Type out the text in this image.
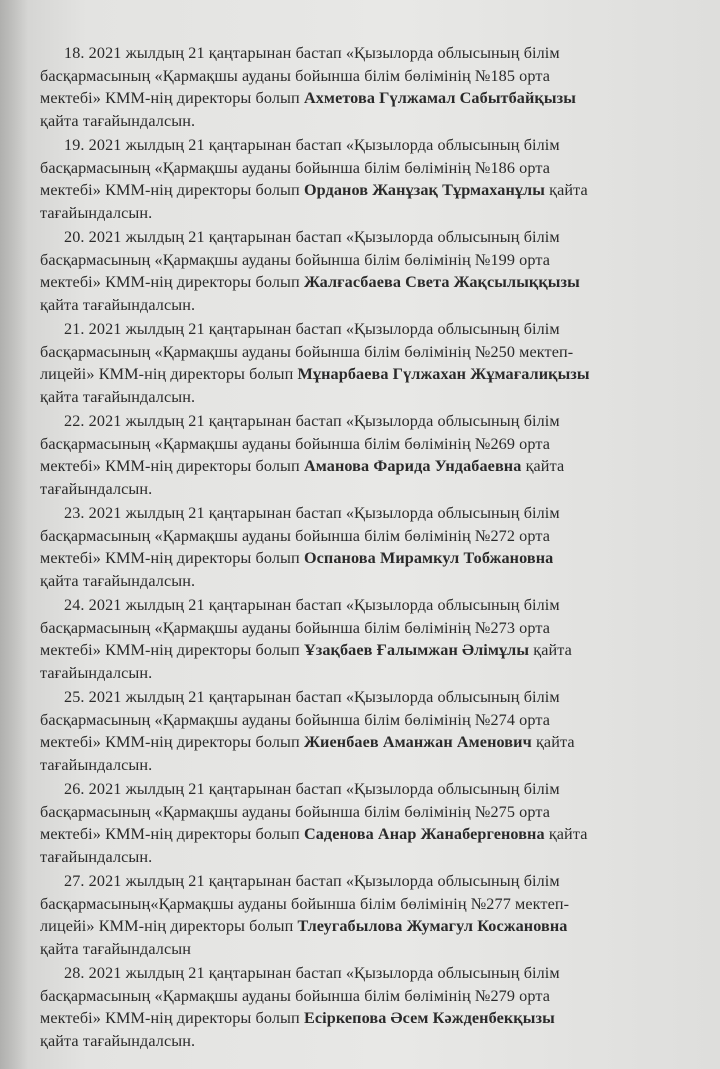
18. 2021 жылдың 21 қаңтарынан бастап «Қызылорда облысының білім
басқармасының «Қармақшы ауданы бойынша білім бөлімінің №185 орта
мектебі» КММ-нің директоры болып Ахметова Гүлжамал Сабытбайқызы
қайта тағайындалсын.
19. 2021 жылдың 21 қаңтарынан бастап «Қызылорда облысының білім
басқармасының «Қармақшы ауданы бойынша білім бөлімінің №186 орта
мектебі» КММ-нің директоры болып Орданов Жанұзақ Тұрмаханұлы қайта
тағайындалсын.
20. 2021 жылдың 21 қаңтарынан бастап «Қызылорда облысының білім
басқармасының «Қармақшы ауданы бойынша білім бөлімінің №199 орта
мектебі» КММ-нің директоры болып Жалғасбаева Света Жақсылыққызы
қайта тағайындалсын.
21. 2021 жылдың 21 қаңтарынан бастап «Қызылорда облысының білім
басқармасының «Қармақшы ауданы бойынша білім бөлімінің №250 мектеп-
лицейі» КММ-нің директоры болып Мұнарбаева Гүлжахан Жұмағалиқызы
қайта тағайындалсын.
22. 2021 жылдың 21 қаңтарынан бастап «Қызылорда облысының білім
басқармасының «Қармақшы ауданы бойынша білім бөлімінің №269 орта
мектебі» КММ-нің директоры болып Аманова Фарида Ундабаевна қайта
тағайындалсын.
23. 2021 жылдың 21 қаңтарынан бастап «Қызылорда облысының білім
басқармасының «Қармақшы ауданы бойынша білім бөлімінің №272 орта
мектебі» КММ-нің директоры болып Оспанова Мирамкул Тобжановна
қайта тағайындалсын.
24. 2021 жылдың 21 қаңтарынан бастап «Қызылорда облысының білім
басқармасының «Қармақшы ауданы бойынша білім бөлімінің №273 орта
мектебі» КММ-нің директоры болып Ұзақбаев Ғалымжан Әлімұлы қайта
тағайындалсын.
25. 2021 жылдың 21 қаңтарынан бастап «Қызылорда облысының білім
басқармасының «Қармақшы ауданы бойынша білім бөлімінің №274 орта
мектебі» КММ-нің директоры болып Жиенбаев Аманжан Аменович қайта
тағайындалсын.
26. 2021 жылдың 21 қаңтарынан бастап «Қызылорда облысының білім
басқармасының «Қармақшы ауданы бойынша білім бөлімінің №275 орта
мектебі» КММ-нің директоры болып Саденова Анар Жанабергеновна қайта
тағайындалсын.
27. 2021 жылдың 21 қаңтарынан бастап «Қызылорда облысының білім
басқармасының«Қармақшы ауданы бойынша білім бөлімінің №277 мектеп-
лицейі» КММ-нің директоры болып Тлеугабылова Жумагул Косжановна
қайта тағайындалсын
28. 2021 жылдың 21 қаңтарынан бастап «Қызылорда облысының білім
басқармасының «Қармақшы ауданы бойынша білім бөлімінің №279 орта
мектебі» КММ-нің директоры болып Есіркепова Әсем Кәжденбекқызы
қайта тағайындалсын.
